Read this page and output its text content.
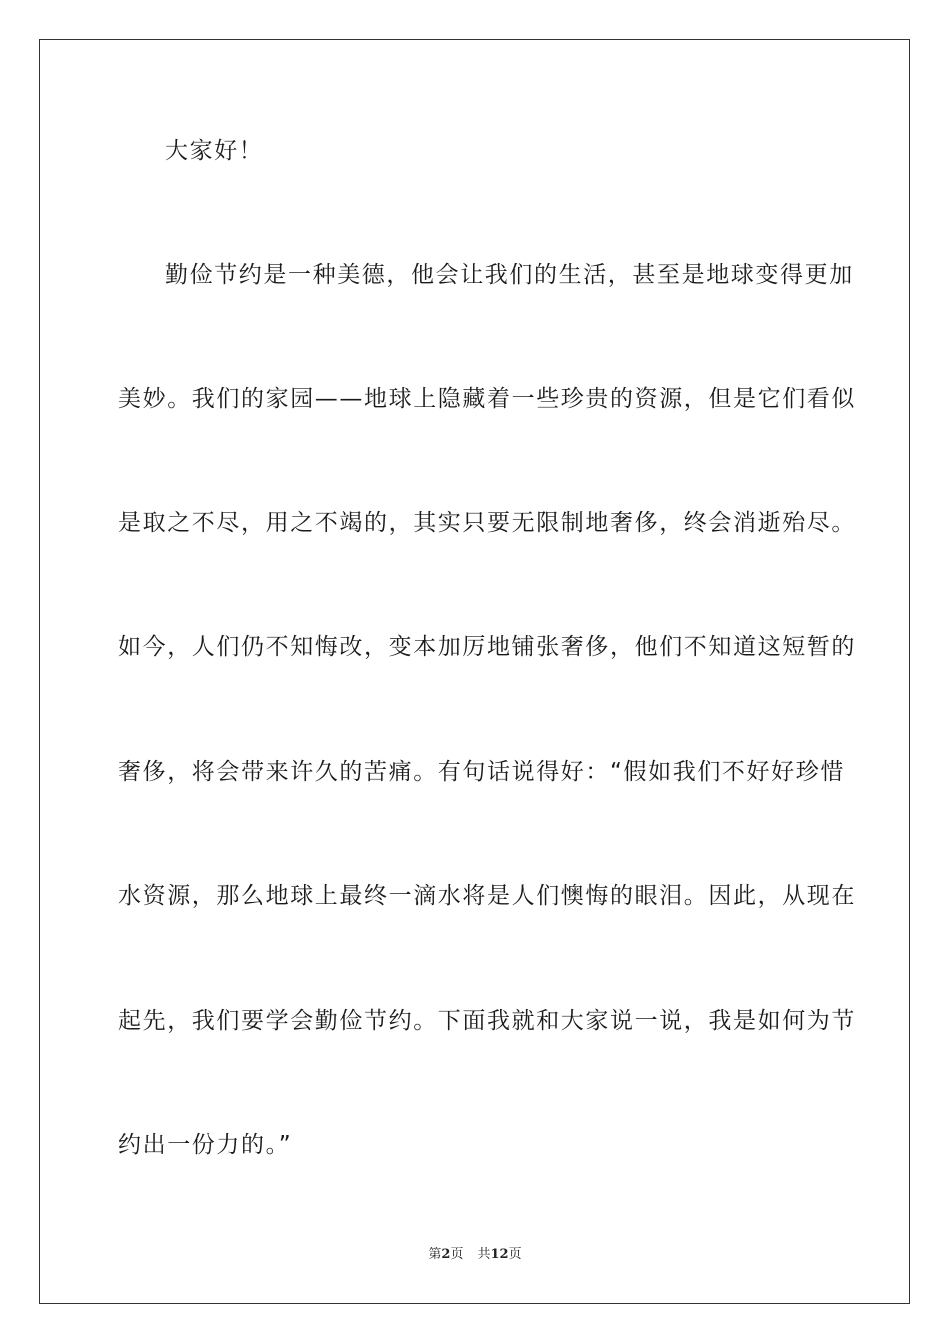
大家好！
勤俭节约是一种美德，他会让我们的生活，甚至是地球变得更加
美妙。我们的家园——地球上隐藏着一些珍贵的资源，但是它们看似
是取之不尽，用之不竭的，其实只要无限制地奢侈，终会消逝殆尽。
如今，人们仍不知悔改，变本加厉地铺张奢侈，他们不知道这短暂的
奢侈，将会带来许久的苦痛。有句话说得好：“假如我们不好好珍惜
水资源，那么地球上最终一滴水将是人们懊悔的眼泪。因此，从现在
起先，我们要学会勤俭节约。下面我就和大家说一说，我是如何为节
约出一份力的。”
第2页 共12页
